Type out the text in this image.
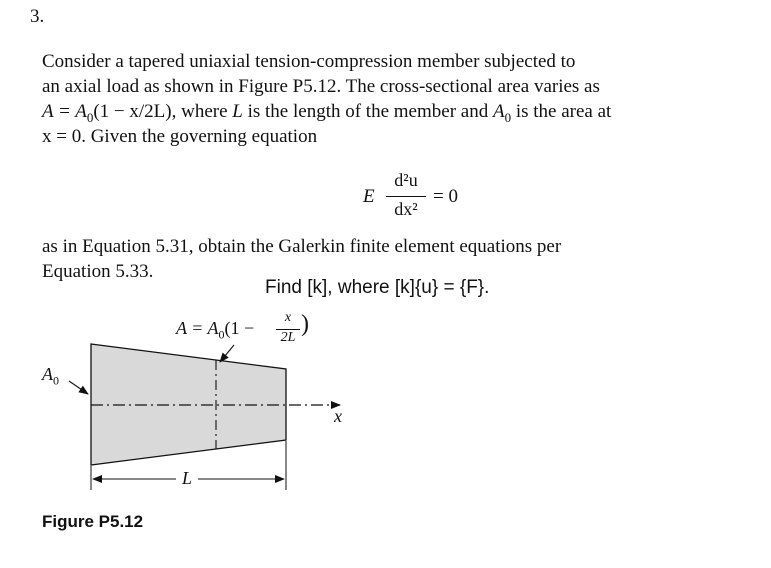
3.
Consider a tapered uniaxial tension-compression member subjected to
an axial load as shown in Figure P5.12. The cross-sectional area varies as
$A = A_0(1 - x/2L)$, where L is the length of the member and $A_0$ is the area at
x = 0. Given the governing equation
E
d²u
dx²
= 0
as in Equation 5.31, obtain the Galerkin finite element equations per
Equation 5.33.
Find [k], where [k]{u} = {F}.
$A = A_0(1$ −
x
2L
)
$A_0$
x
L
Figure P5.12
